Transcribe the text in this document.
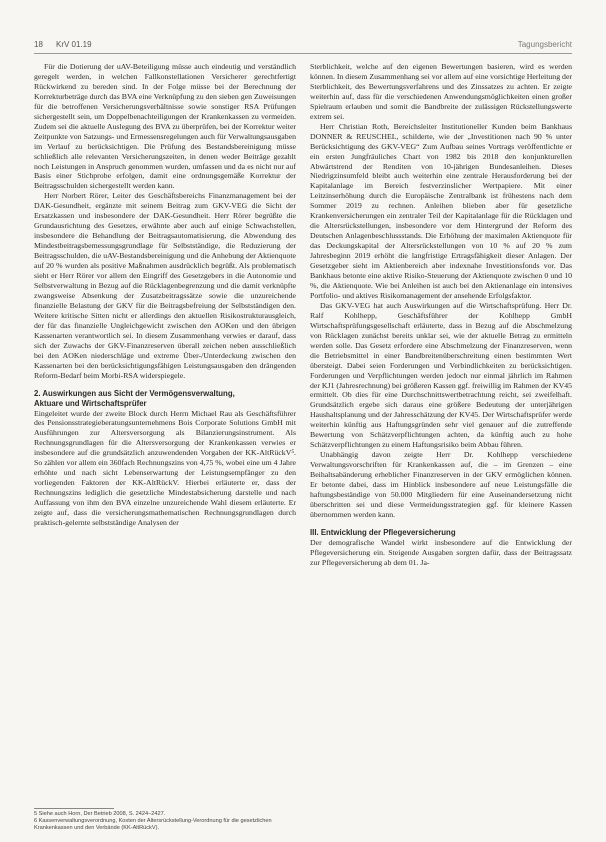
18 KrV 01.19	Tagungsbericht

Für die Dotierung der uAV-Beteiligung müsse auch eindeutig und verständlich geregelt werden, in welchen Fallkonstellationen Versicherer gerechtfertigt Rückwirkend zu bereden sind. In der Folge müsse bei der Berechnung der Korrekturbeträge durch das BVA eine Verknüpfung zu den sieben gen Zuweisungen für die betroffenen Versicherungsverhältnisse sowie sonstiger RSA Prüfungen sichergestellt sein, um Doppelbenachteiligungen der Krankenkassen zu vermeiden. Zudem sei die aktuelle Auslegung des BVA zu überprüfen, bei der Korrektur weiter Zeitpunkte von Satzungs- und Ermessensregelungen auch für Verwaltungsausgaben im Verlauf zu berücksichtigen. Die Prüfung des Bestandsbereinigung müsse schließlich alle relevanten Versicherungszeiten, in denen weder Beiträge gezahlt noch Leistungen in Anspruch genommen wurden, umfassen und da es nicht nur auf Basis einer Stichprobe erfolgen, damit eine ordnungsgemäße Korrektur der Beitragsschulden sichergestellt werden kann.

Herr Norbert Rörer, Leiter des Geschäftsbereichs Finanzmanagement bei der DAK-Gesundheit, ergänzte mit seinem Beitrag zum GKV-VEG die Sicht der Ersatzkassen und insbesondere der DAK-Gesundheit. Herr Rörer begrüßte die Grundausrichtung des Gesetzes, erwähnte aber auch auf einige Schwachstellen, insbesondere die Behandlung der Beitragsautomatisierung, die Abwendung des Mindestbeitragsbemessungsgrundlage für Selbstständige, die Reduzierung der Beitragsschulden, die uAV-Bestandsbereinigung und die Anhebung der Aktienquote auf 20 % wurden als positive Maßnahmen ausdrücklich begrüßt. Als problematisch sieht er Herr Rörer vor allem den Eingriff des Gesetzgebers in die Autonomie und Selbstverwaltung in Bezug auf die Rücklagenbegrenzung und die damit verknüpfte zwangsweise Absenkung der Zusatzbeitragssätze sowie die unzureichende finanzielle Belastung der GKV für die Beitragsbefreiung der Selbstständigen den. Weitere kritische Sitten nicht er allerdings den aktuellen Risikostrukturausgleich, der für das finanzielle Ungleichgewicht zwischen den AOKen und den übrigen Kassenarten verantwortlich sei. In diesem Zusammenhang verwies er darauf, dass sich der Zuwachs der GKV-Finanzreserven überall zeichen neben ausschließlich bei den AOKen niederschläge und extreme Über-/Unterdeckung zwischen den Kassenarten bei den berücksichtigungsfähigen Leistungsausgaben den drängenden Reform-Bedarf beim Morbi-RSA widerspiegele.

2. Auswirkungen aus Sicht der Vermögensverwaltung,
Aktuare und Wirtschaftsprüfer

Eingeleitet wurde der zweite Block durch Herrn Michael Rau als Geschäftsführer des Pensionsstrategieberatungsunternehmens Bois Corporate Solutions GmbH mit Ausführungen zur Altersversorgung als Bilanzierungsinstrument. Als Rechnungsgrundlagen für die Altersversorgung der Krankenkassen verwies er insbesondere auf die grundsätzlich anzuwendenden Vorgaben der KK-AltRückV⁵. So zählen vor allem ein 360fach Rechnungszins von 4,75 %, wobei eine um 4 Jahre erhöhte und nach sicht Lebenserwartung der Leistungsempfänger zu den vorliegenden Faktoren der KK-AltRückV. Hierbei erläuterte er, dass der Rechnungszins lediglich die gesetzliche Mindestabsicherung darstelle und nach Auffassung von ihm den BVA einzelne unzureichende Wahl diesem erläuterte. Er zeigte auf, dass die versicherungsmathematischen Rechnungsgrundlagen durch praktisch-gelernte selbstständige Analysen der

Sterblichkeit, welche auf den eigenen Bewertungen basieren, wird es werden können. In diesem Zusammenhang sei vor allem auf eine vorsichtige Herleitung der Sterblichkeit, des Bewertungsverfahrens und des Zinssatzes zu achten. Er zeigte weiterhin auf, dass für die verschiedenen Anwendungsmöglichkeiten einen großer Spielraum erlauben und somit die Bandbreite der zulässigen Rückstellungswerte extrem sei.

Herr Christian Roth, Bereichsleiter Institutioneller Kunden beim Bankhaus DONNER & REUSCHEL, schilderte, wie der „Investitionen nach 90 % unter Berücksichtigung des GKV-VEG“ Zum Aufbau seines Vortrags veröffentlichte er ein ersten Jungfräuliches Chart von 1982 bis 2018 den konjunkturellen Abwärtstrend der Renditen von 10-jährigen Bundesanleihen. Dieses Niedrigzinsumfeld bleibt auch weiterhin eine zentrale Herausforderung bei der Kapitalanlage im Bereich festverzinslicher Wertpapiere. Mit einer Leitzinserhöhung durch die Europäische Zentralbank ist frühestens nach dem Sommer 2019 zu rechnen. Anleihen blieben aber für gesetzliche Krankenversicherungen ein zentraler Teil der Kapitalanlage für die Rücklagen und die Altersrückstellungen, insbesondere vor dem Hintergrund der Reform des Deutschen Anlagenbeschlussstands. Die Erhöhung der maximalen Aktienquote für das Deckungskapital der Altersrückstellungen von 10 % auf 20 % zum Jahresbeginn 2019 erhöht die langfristige Ertragsfähigkeit dieser Anlagen. Der Gesetzgeber sieht im Aktienbereich aber indexnahe Investitionsfonds vor. Das Bankhaus betonte eine aktive Risiko-Steuerung der Aktienquote zwischen 0 und 10 %, die Aktienquote. Wie bei Anleihen ist auch bei den Aktienanlage ein intensives Portfolio- und aktives Risikomanagement der ansehende Erfolgsfaktor.

Das GKV-VEG hat auch Auswirkungen auf die Wirtschaftsprüfung. Herr Dr. Ralf Kohlhepp, Geschäftsführer der Kohlhepp GmbH Wirtschaftsprüfungsgesellschaft erläuterte, dass in Bezug auf die Abschmelzung von Rücklagen zunächst bereits unklar sei, wie der aktuelle Betrag zu ermitteln werden solle. Das Gesetz erfordere eine Abschmelzung der Finanzreserven, wenn die Betriebsmittel in einer Bandbreitenüberschreitung einen bestimmten Wert übersteigt. Dabei seien Forderungen und Verbindlichkeiten zu berücksichtigen. Forderungen und Verpflichtungen werden jedoch nur einmal jährlich im Rahmen der KJ1 (Jahresrechnung) bei größeren Kassen ggf. freiwillig im Rahmen der KV45 ermittelt. Ob dies für eine Durchschnittswertbetrachtung reicht, sei zweifelhaft. Grundsätzlich ergebe sich daraus eine größere Bedeutung der unterjährigen Haushaltsplanung und der Jahresschätzung der KV45. Der Wirtschaftsprüfer werde weiterhin künftig aus Haftungsgründen sehr viel genauer auf die zutreffende Bewertung von Schätzverpflichtungen achten, da künftig auch zu hohe Schätzverpflichtungen zu einem Haftungsrisiko beim Abbau führen.

Unabhängig davon zeigte Herr Dr. Kohlhepp verschiedene Verwaltungsvorschriften für Krankenkassen auf, die – im Grenzen – eine Beihaltsabänderung erheblicher Finanzreserven in der GKV ermöglichen können. Er betonte dabei, dass im Hinblick insbesondere auf neue Leistungsfälle die haftungsbeständige von 50.000 Mitgliedern für eine Auseinandersetzung nicht überschritten sei und diese Vermeidungsstrategien ggf. für kleinere Kassen übernommen werden kann.

III. Entwicklung der Pflegeversicherung

Der demografische Wandel wirkt insbesondere auf die Entwicklung der Pflegeversicherung ein. Steigende Ausgaben sorgten dafür, dass der Beitragssatz zur Pflegeversicherung ab dem 01. Ja-

5 Siehe auch Horn, Der Betrieb 2008, S. 2424–2427.
6 Kassenverwaltungsverordnung, Kosten der Altersrückstellung-Verordnung für die gesetzlichen Krankenkassen und den Verbände (KK-AltRückV).
